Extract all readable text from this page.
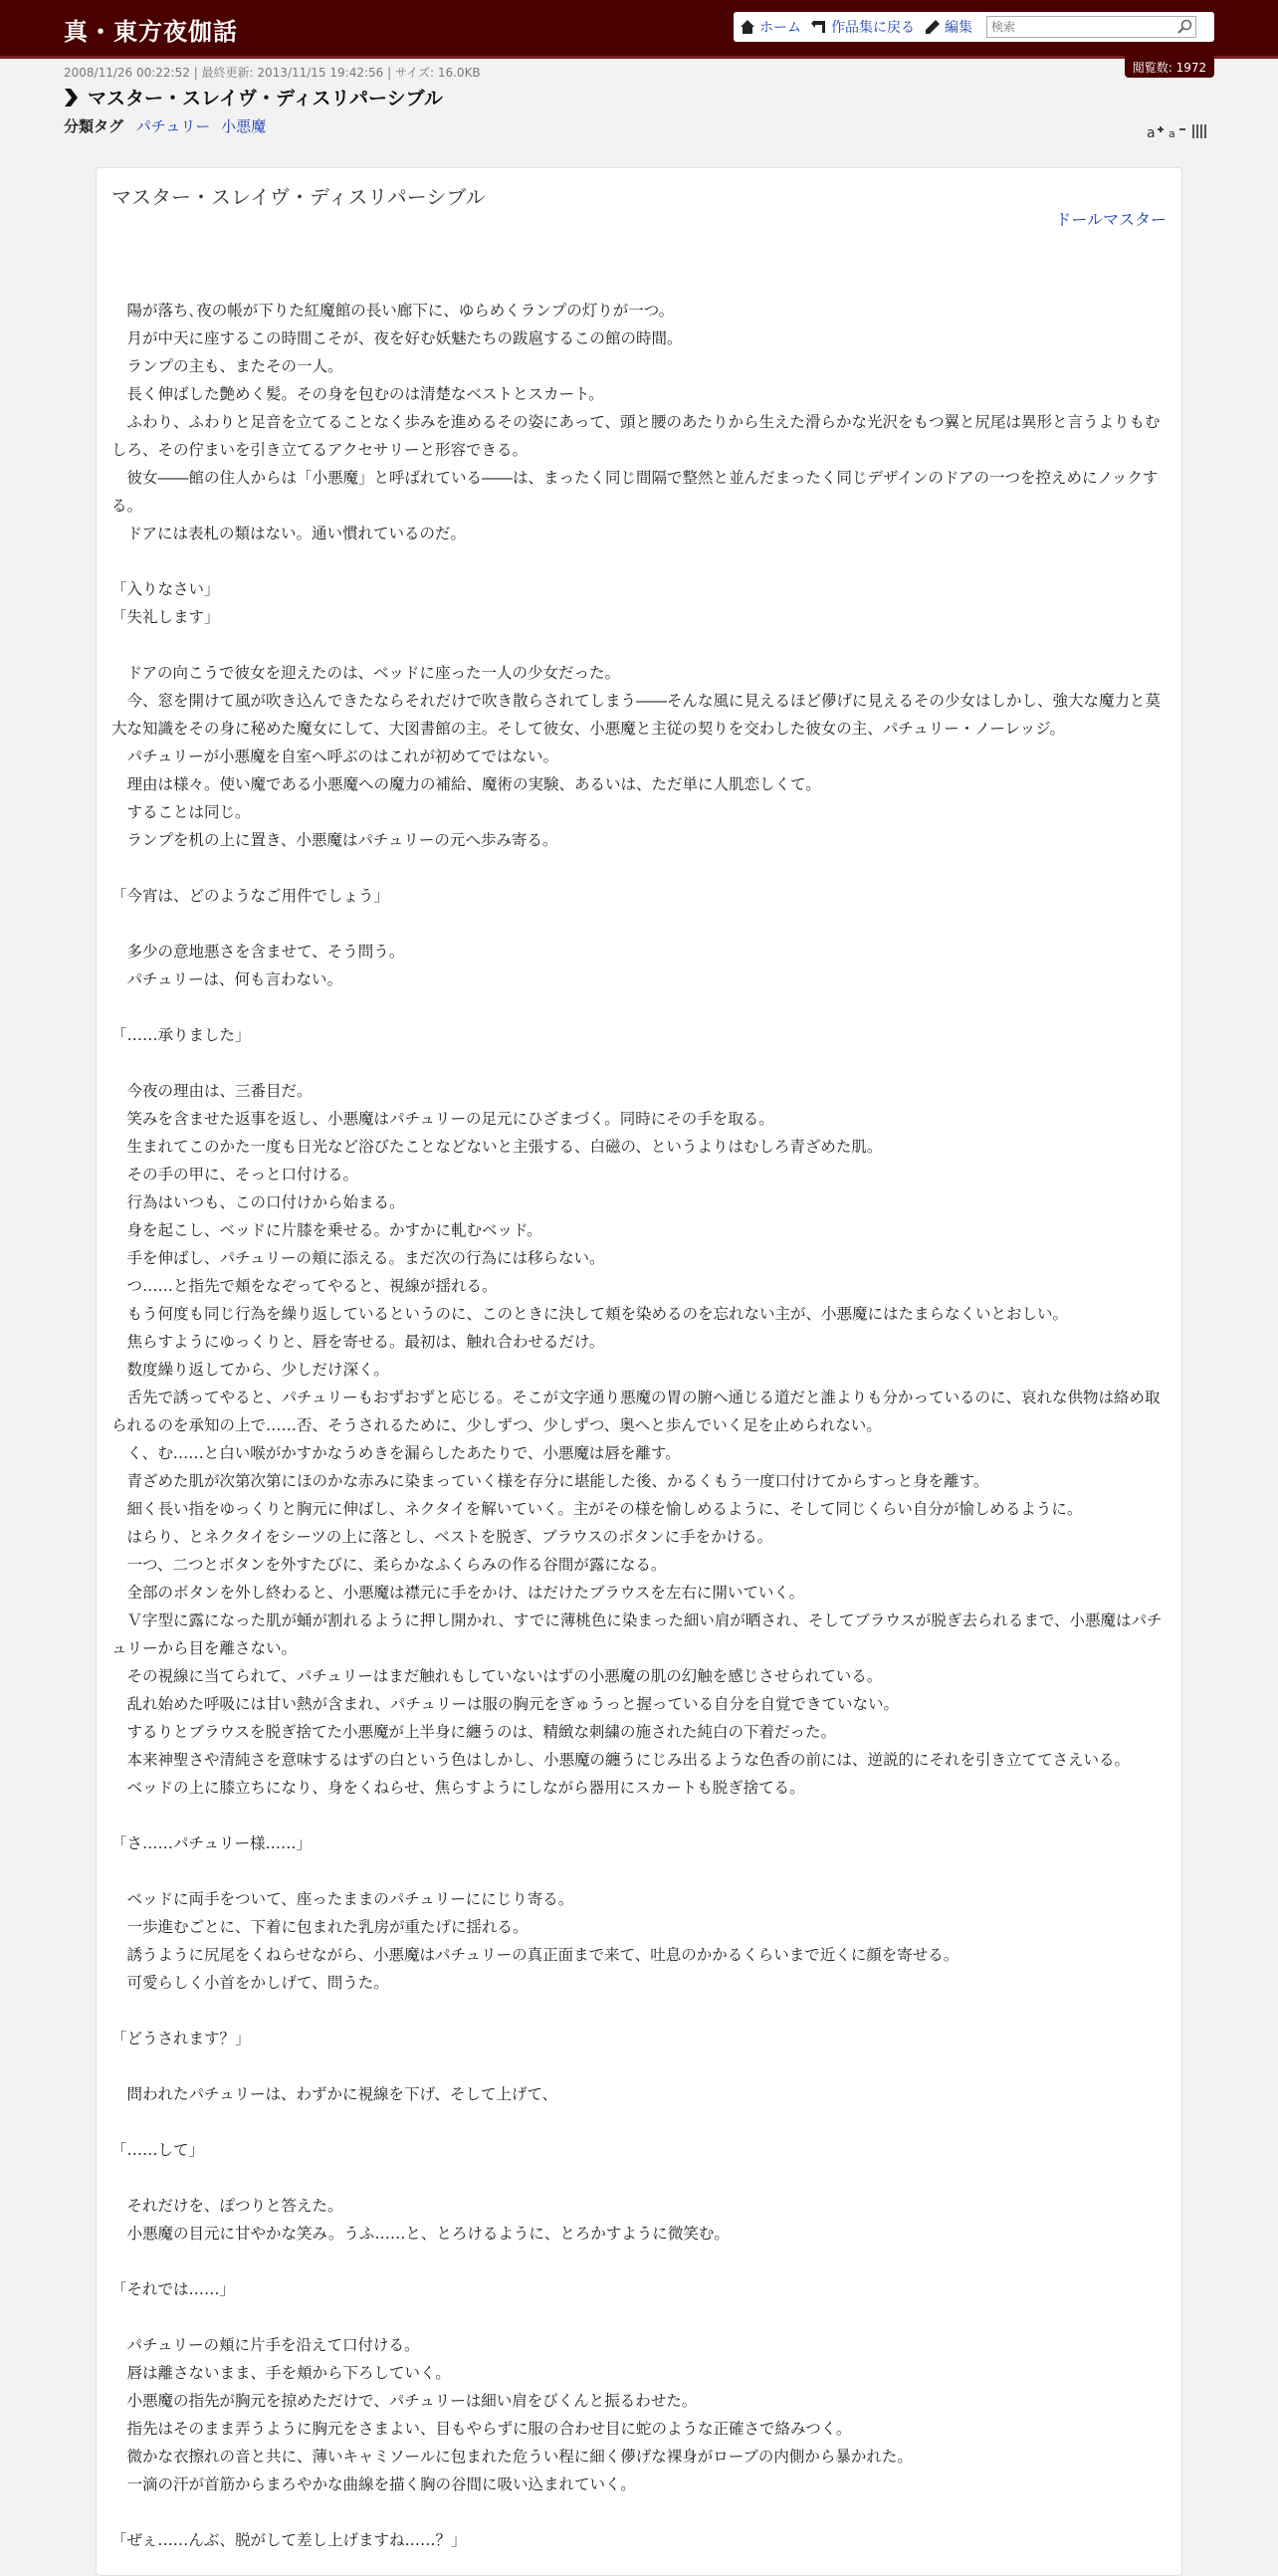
真・東方夜伽話	ホーム 作品集に戻る 編集
検索
2008/11/26 00:22:52 | 最終更新: 2013/11/15 19:42:56 | サイズ: 16.0KB	閲覧数: 1972
マスター・スレイヴ・ディスリパーシブル
分類タグ パチュリー 小悪魔	a a
マスター・スレイヴ・ディスリパーシブル
ドールマスター
　陽が落ち､夜の帳が下りた紅魔館の長い廊下に、ゆらめくランプの灯りが一つ。
　月が中天に座するこの時間こそが、夜を好む妖魅たちの跋扈するこの館の時間。
　ランプの主も、またその一人。
　長く伸ばした艶めく髪。その身を包むのは清楚なベストとスカート。
　ふわり、ふわりと足音を立てることなく歩みを進めるその姿にあって、頭と腰のあたりから生えた滑らかな光沢をもつ翼と尻尾は異形と言うよりもむしろ、その佇まいを引き立てるアクセサリーと形容できる。
　彼女――館の住人からは「小悪魔」と呼ばれている――は、まったく同じ間隔で整然と並んだまったく同じデザインのドアの一つを控えめにノックする。
　ドアには表札の類はない。通い慣れているのだ。
「入りなさい」
「失礼します」
　ドアの向こうで彼女を迎えたのは、ベッドに座った一人の少女だった。
　今、窓を開けて風が吹き込んできたならそれだけで吹き散らされてしまう――そんな風に見えるほど儚げに見えるその少女はしかし、強大な魔力と莫大な知識をその身に秘めた魔女にして、大図書館の主。そして彼女、小悪魔と主従の契りを交わした彼女の主、パチュリー・ノーレッジ。
　パチュリーが小悪魔を自室へ呼ぶのはこれが初めてではない。
　理由は様々。使い魔である小悪魔への魔力の補給、魔術の実験、あるいは、ただ単に人肌恋しくて。
　することは同じ。
　ランプを机の上に置き、小悪魔はパチュリーの元へ歩み寄る。
「今宵は、どのようなご用件でしょう」
　多少の意地悪さを含ませて、そう問う。
　パチュリーは、何も言わない。
「……承りました」
　今夜の理由は、三番目だ。
　笑みを含ませた返事を返し、小悪魔はパチュリーの足元にひざまづく。同時にその手を取る。
　生まれてこのかた一度も日光など浴びたことなどないと主張する、白磁の、というよりはむしろ青ざめた肌。
　その手の甲に、そっと口付ける。
　行為はいつも、この口付けから始まる。
　身を起こし、ベッドに片膝を乗せる。かすかに軋むベッド。
　手を伸ばし、パチュリーの頬に添える。まだ次の行為には移らない。
　つ……と指先で頬をなぞってやると、視線が揺れる。
　もう何度も同じ行為を繰り返しているというのに、このときに決して頬を染めるのを忘れない主が、小悪魔にはたまらなくいとおしい。
　焦らすようにゆっくりと、唇を寄せる。最初は、触れ合わせるだけ。
　数度繰り返してから、少しだけ深く。
　舌先で誘ってやると、パチュリーもおずおずと応じる。そこが文字通り悪魔の胃の腑へ通じる道だと誰よりも分かっているのに、哀れな供物は絡め取られるのを承知の上で……否、そうされるために、少しずつ、少しずつ、奥へと歩んでいく足を止められない。
　く、む……と白い喉がかすかなうめきを漏らしたあたりで、小悪魔は唇を離す。
　青ざめた肌が次第次第にほのかな赤みに染まっていく様を存分に堪能した後、かるくもう一度口付けてからすっと身を離す。
　細く長い指をゆっくりと胸元に伸ばし、ネクタイを解いていく。主がその様を愉しめるように、そして同じくらい自分が愉しめるように。
　はらり、とネクタイをシーツの上に落とし、ベストを脱ぎ、ブラウスのボタンに手をかける。
　一つ、二つとボタンを外すたびに、柔らかなふくらみの作る谷間が露になる。
　全部のボタンを外し終わると、小悪魔は襟元に手をかけ、はだけたブラウスを左右に開いていく。
　Ｖ字型に露になった肌が蛹が割れるように押し開かれ、すでに薄桃色に染まった細い肩が晒され、そしてブラウスが脱ぎ去られるまで、小悪魔はパチュリーから目を離さない。
　その視線に当てられて、パチュリーはまだ触れもしていないはずの小悪魔の肌の幻触を感じさせられている。
　乱れ始めた呼吸には甘い熱が含まれ、パチュリーは服の胸元をぎゅうっと握っている自分を自覚できていない。
　するりとブラウスを脱ぎ捨てた小悪魔が上半身に纏うのは、精緻な刺繍の施された純白の下着だった。
　本来神聖さや清純さを意味するはずの白という色はしかし、小悪魔の纏うにじみ出るような色香の前には、逆説的にそれを引き立ててさえいる。
　ベッドの上に膝立ちになり、身をくねらせ、焦らすようにしながら器用にスカートも脱ぎ捨てる。
「さ……パチュリー様……」
　ベッドに両手をついて、座ったままのパチュリーににじり寄る。
　一歩進むごとに、下着に包まれた乳房が重たげに揺れる。
　誘うように尻尾をくねらせながら、小悪魔はパチュリーの真正面まで来て、吐息のかかるくらいまで近くに顔を寄せる。
　可愛らしく小首をかしげて、問うた。
「どうされます？」
　問われたパチュリーは、わずかに視線を下げ、そして上げて、
「……して」
　それだけを、ぽつりと答えた。
　小悪魔の目元に甘やかな笑み。うふ……と、とろけるように、とろかすように微笑む。
「それでは……」
　パチュリーの頬に片手を沿えて口付ける。
　唇は離さないまま、手を頬から下ろしていく。
　小悪魔の指先が胸元を掠めただけで、パチュリーは細い肩をびくんと振るわせた。
　指先はそのまま弄うように胸元をさまよい、目もやらずに服の合わせ目に蛇のような正確さで絡みつく。
　微かな衣擦れの音と共に、薄いキャミソールに包まれた危うい程に細く儚げな裸身がローブの内側から暴かれた。
　一滴の汗が首筋からまろやかな曲線を描く胸の谷間に吸い込まれていく。
「ぜぇ……んぶ、脱がして差し上げますね……？」
